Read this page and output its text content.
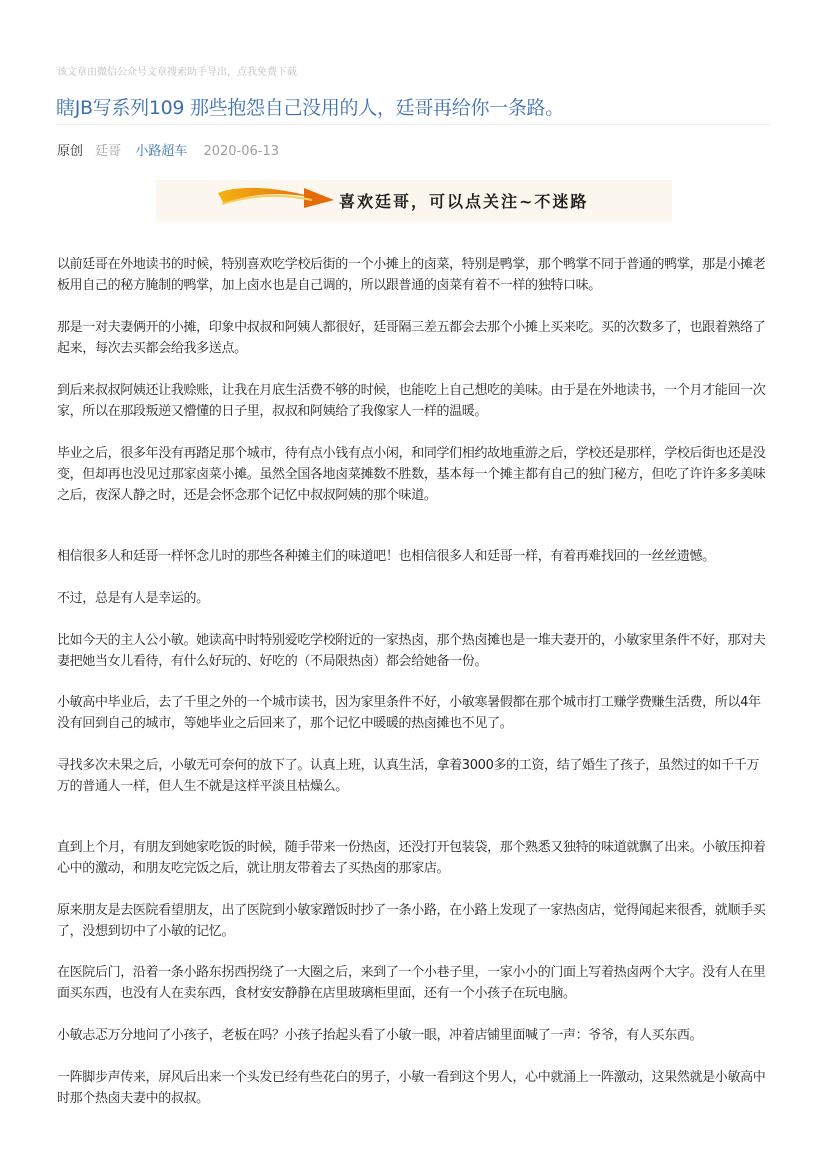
该文章由微信公众号文章搜索助手导出，点我免费下载
瞎JB写系列109 那些抱怨自己没用的人，廷哥再给你一条路。
原创 廷哥 小路超车 2020-06-13
喜欢廷哥，可以点关注~不迷路

以前廷哥在外地读书的时候，特别喜欢吃学校后街的一个小摊上的卤菜，特别是鸭掌，那个鸭掌不同于普通的鸭掌，那是小摊老板用自己的秘方腌制的鸭掌，加上卤水也是自己调的，所以跟普通的卤菜有着不一样的独特口味。

那是一对夫妻俩开的小摊，印象中叔叔和阿姨人都很好，廷哥隔三差五都会去那个小摊上买来吃。买的次数多了，也跟着熟络了起来，每次去买都会给我多送点。

到后来叔叔阿姨还让我赊账，让我在月底生活费不够的时候，也能吃上自己想吃的美味。由于是在外地读书，一个月才能回一次家，所以在那段叛逆又懵懂的日子里，叔叔和阿姨给了我像家人一样的温暖。

毕业之后，很多年没有再踏足那个城市，待有点小钱有点小闲，和同学们相约故地重游之后，学校还是那样，学校后街也还是没变，但却再也没见过那家卤菜小摊。虽然全国各地卤菜摊数不胜数，基本每一个摊主都有自己的独门秘方，但吃了许许多多美味之后，夜深人静之时，还是会怀念那个记忆中叔叔阿姨的那个味道。

相信很多人和廷哥一样怀念儿时的那些各种摊主们的味道吧！也相信很多人和廷哥一样，有着再难找回的一丝丝遗憾。

不过，总是有人是幸运的。

比如今天的主人公小敏。她读高中时特别爱吃学校附近的一家热卤，那个热卤摊也是一堆夫妻开的，小敏家里条件不好，那对夫妻把她当女儿看待，有什么好玩的、好吃的（不局限热卤）都会给她备一份。

小敏高中毕业后，去了千里之外的一个城市读书，因为家里条件不好，小敏寒暑假都在那个城市打工赚学费赚生活费，所以4年没有回到自己的城市，等她毕业之后回来了，那个记忆中暖暖的热卤摊也不见了。

寻找多次未果之后，小敏无可奈何的放下了。认真上班，认真生活，拿着3000多的工资，结了婚生了孩子，虽然过的如千千万万的普通人一样，但人生不就是这样平淡且枯燥么。

直到上个月，有朋友到她家吃饭的时候，随手带来一份热卤，还没打开包装袋，那个熟悉又独特的味道就飘了出来。小敏压抑着心中的激动，和朋友吃完饭之后，就让朋友带着去了买热卤的那家店。

原来朋友是去医院看望朋友，出了医院到小敏家蹭饭时抄了一条小路，在小路上发现了一家热卤店，觉得闻起来很香，就顺手买了，没想到切中了小敏的记忆。

在医院后门，沿着一条小路东拐西拐绕了一大圈之后，来到了一个小巷子里，一家小小的门面上写着热卤两个大字。没有人在里面买东西，也没有人在卖东西，食材安安静静在店里玻璃柜里面，还有一个小孩子在玩电脑。

小敏忐忑万分地问了小孩子，老板在吗？小孩子抬起头看了小敏一眼，冲着店铺里面喊了一声：爷爷，有人买东西。

一阵脚步声传来，屏风后出来一个头发已经有些花白的男子，小敏一看到这个男人，心中就涌上一阵激动，这果然就是小敏高中时那个热卤夫妻中的叔叔。
